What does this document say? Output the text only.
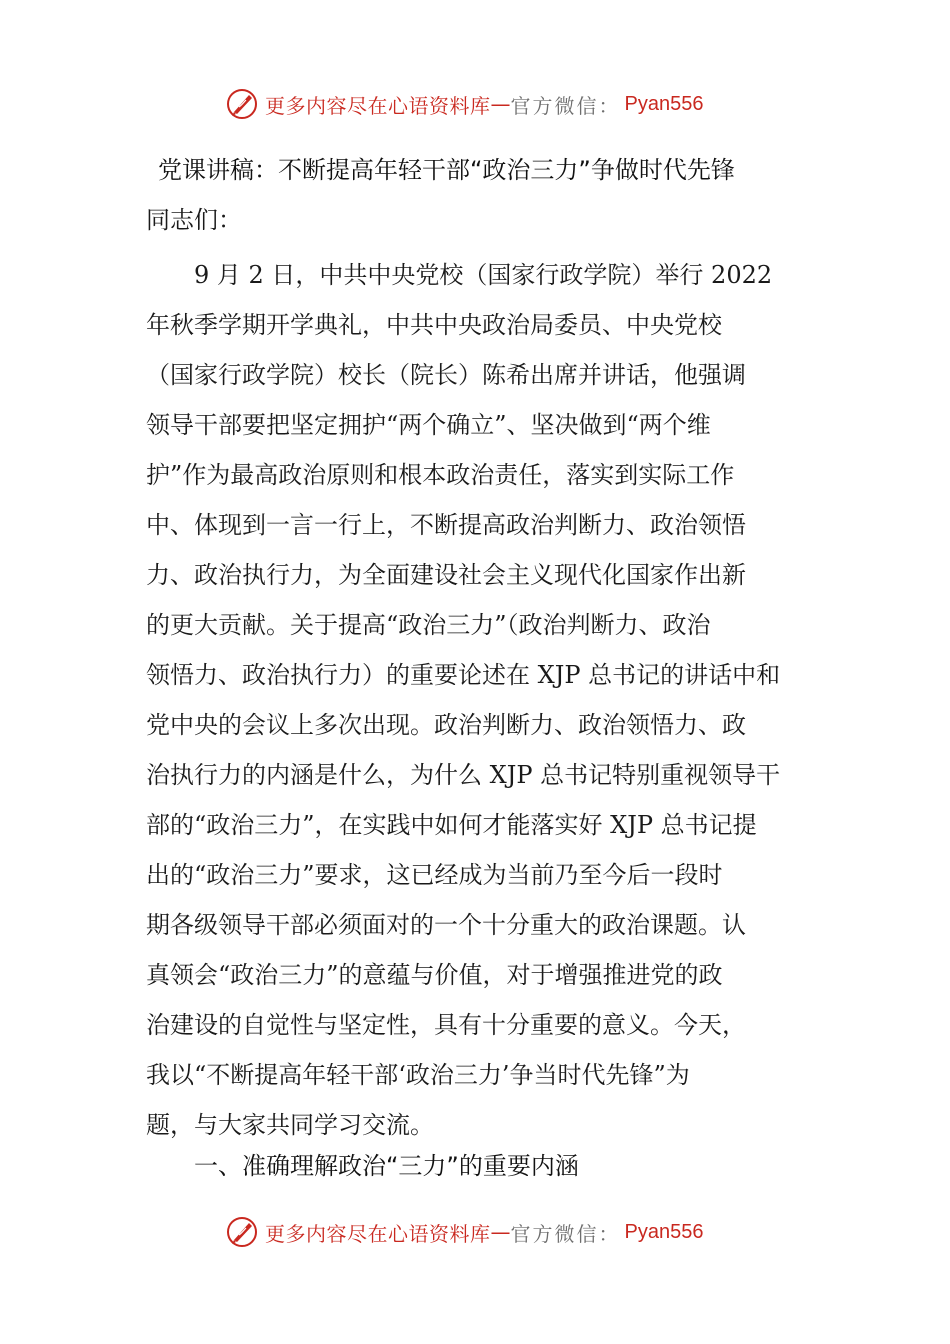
更多内容尽在心语资料库 — 官方微信： Pyan556
党课讲稿：不断提高年轻干部“政治三力”争做时代先锋
同志们：
9 月 2 日，中共中央党校（国家行政学院）举行 2022
年秋季学期开学典礼，中共中央政治局委员、中央党校
（国家行政学院）校长（院长）陈希出席并讲话，他强调
领导干部要把坚定拥护“两个确立”、坚决做到“两个维
护”作为最高政治原则和根本政治责任，落实到实际工作
中、体现到一言一行上，不断提高政治判断力、政治领悟
力、政治执行力，为全面建设社会主义现代化国家作出新
的更大贡献。关于提高“政治三力”（政治判断力、政治
领悟力、政治执行力）的重要论述在 XJP 总书记的讲话中和
党中央的会议上多次出现。政治判断力、政治领悟力、政
治执行力的内涵是什么，为什么 XJP 总书记特别重视领导干
部的“政治三力”，在实践中如何才能落实好 XJP 总书记提
出的“政治三力”要求，这已经成为当前乃至今后一段时
期各级领导干部必须面对的一个十分重大的政治课题。认
真领会“政治三力”的意蕴与价值，对于增强推进党的政
治建设的自觉性与坚定性，具有十分重要的意义。今天，
我以“不断提高年轻干部‘政治三力’争当时代先锋”为
题，与大家共同学习交流。
一、准确理解政治“三力”的重要内涵
更多内容尽在心语资料库 — 官方微信： Pyan556
